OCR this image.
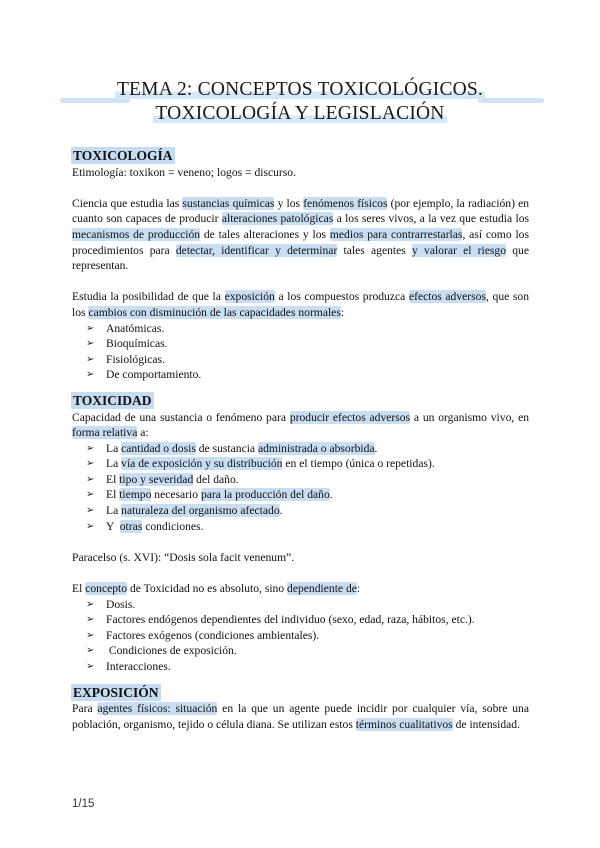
TEMA 2: CONCEPTOS TOXICOLÓGICOS.
TOXICOLOGÍA Y LEGISLACIÓN
TOXICOLOGÍA

Etimología: toxikon = veneno; logos = discurso.

Ciencia que estudia las sustancias químicas y los fenómenos físicos (por ejemplo, la radiación) en cuanto son capaces de producir alteraciones patológicas a los seres vivos, a la vez que estudia los mecanismos de producción de tales alteraciones y los medios para contrarrestarlas, así como los procedimientos para detectar, identificar y determinar tales agentes y valorar el riesgo que representan.

Estudia la posibilidad de que la exposición a los compuestos produzca efectos adversos, que son los cambios con disminución de las capacidades normales:

➢ Anatómicas.
➢ Bioquímicas.
➢ Fisiológicas.
➢ De comportamiento.
TOXICIDAD

Capacidad de una sustancia o fenómeno para producir efectos adversos a un organismo vivo, en forma relativa a:

➢ La cantidad o dosis de sustancia administrada o absorbida.
➢ La vía de exposición y su distribución en el tiempo (única o repetidas).
➢ El tipo y severidad del daño.
➢ El tiempo necesario para la producción del daño.
➢ La naturaleza del organismo afectado.
➢ Y  otras condiciones.

Paracelso (s. XVI): “Dosis sola facit venenum”.

El concepto de Toxicidad no es absoluto, sino dependiente de:

➢ Dosis.
➢ Factores endógenos dependientes del individuo (sexo, edad, raza, hábitos, etc.).
➢ Factores exógenos (condiciones ambientales).
➢ Condiciones de exposición.
➢ Interacciones.
EXPOSICIÓN

Para agentes físicos: situación en la que un agente puede incidir por cualquier vía, sobre una población, organismo, tejido o célula diana. Se utilizan estos términos cualitativos de intensidad.

1/15
